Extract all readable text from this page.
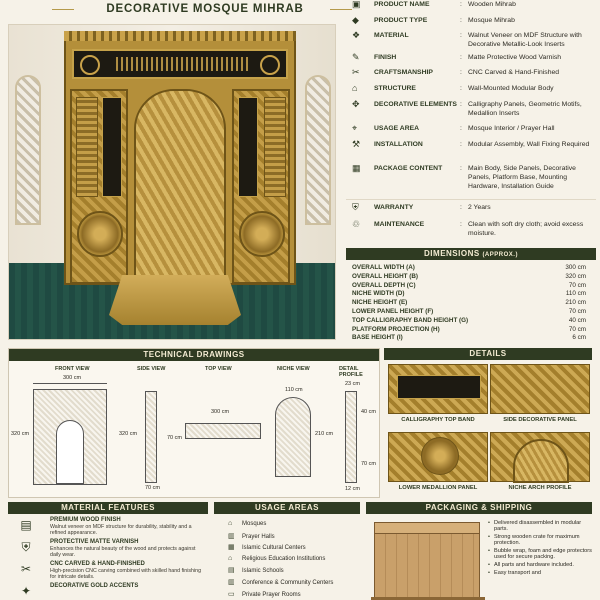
DECORATIVE MOSQUE MIHRAB	▣ PRODUCT NAME	: Wooden Mihrab
◆	PRODUCT TYPE	: Mosque Mihrab
❖ MATERIAL	: Walnut Veneer on MDF Structure with Decorative Metallic-Look Inserts
✎	FINISH	: Matte Protective Wood Varnish
✂	CRAFTSMANSHIP	: CNC Carved & Hand-Finished
⌂	STRUCTURE	: Wall-Mounted Modular Body
✥	DECORATIVE ELEMENTS : Calligraphy Panels, Geometric Motifs, Medallion Inserts
⌖	USAGE AREA	: Mosque Interior / Prayer Hall
⚒ INSTALLATION	: Modular Assembly, Wall Fixing Required
▦ PACKAGE CONTENT	: Main Body, Side Panels, Decorative Panels, Platform Base, Mounting Hardware, Installation Guide
⛨	WARRANTY	: 2 Years
♲ MAINTENANCE	: Clean with soft dry cloth; avoid excess moisture.
DIMENSIONS (APPROX.)
OVERALL WIDTH (A)	300 cm
OVERALL HEIGHT (B)	320 cm
OVERALL DEPTH (C)	70 cm
NICHE WIDTH (D)	110 cm
NICHE HEIGHT (E)	210 cm
LOWER PANEL HEIGHT (F)	70 cm
TOP CALLIGRAPHY BAND HEIGHT (G)	40 cm
PLATFORM PROJECTION (H)	70 cm
BASE HEIGHT (I)	6 cm
TECHNICAL DRAWINGS
FRONT VIEW
300 cm
320 cm
SIDE VIEW
320 cm
70 cm
TOP VIEW
300 cm
70 cm
NICHE VIEW
110 cm
210 cm
DETAIL PROFILE
23 cm
40 cm
70 cm
12 cm
DETAILS
CALLIGRAPHY TOP BAND	SIDE DECORATIVE PANEL
LOWER MEDALLION PANEL	NICHE ARCH PROFILE
MATERIAL FEATURES
▤	PREMIUM WOOD FINISH
Walnut veneer on MDF structure for durability, stability and a refined appearance.
⛨	PROTECTIVE MATTE VARNISH
Enhances the natural beauty of the wood and protects against daily wear.
✂	CNC CARVED & HAND-FINISHED
High-precision CNC carving combined with skilled hand finishing for intricate details.
✦	DECORATIVE GOLD ACCENTS
USAGE AREAS
⌂ Mosques
▥ Prayer Halls
▦ Islamic Cultural Centers
⌂ Religious Education Institutions
▤ Islamic Schools
▥ Conference & Community Centers
▭ Private Prayer Rooms
PACKAGING & SHIPPING
• Delivered disassembled in modular parts.
• Strong wooden crate for maximum protection.
• Bubble wrap, foam and edge protectors used for secure packing.
• All parts and hardware included.
• Easy transport and
